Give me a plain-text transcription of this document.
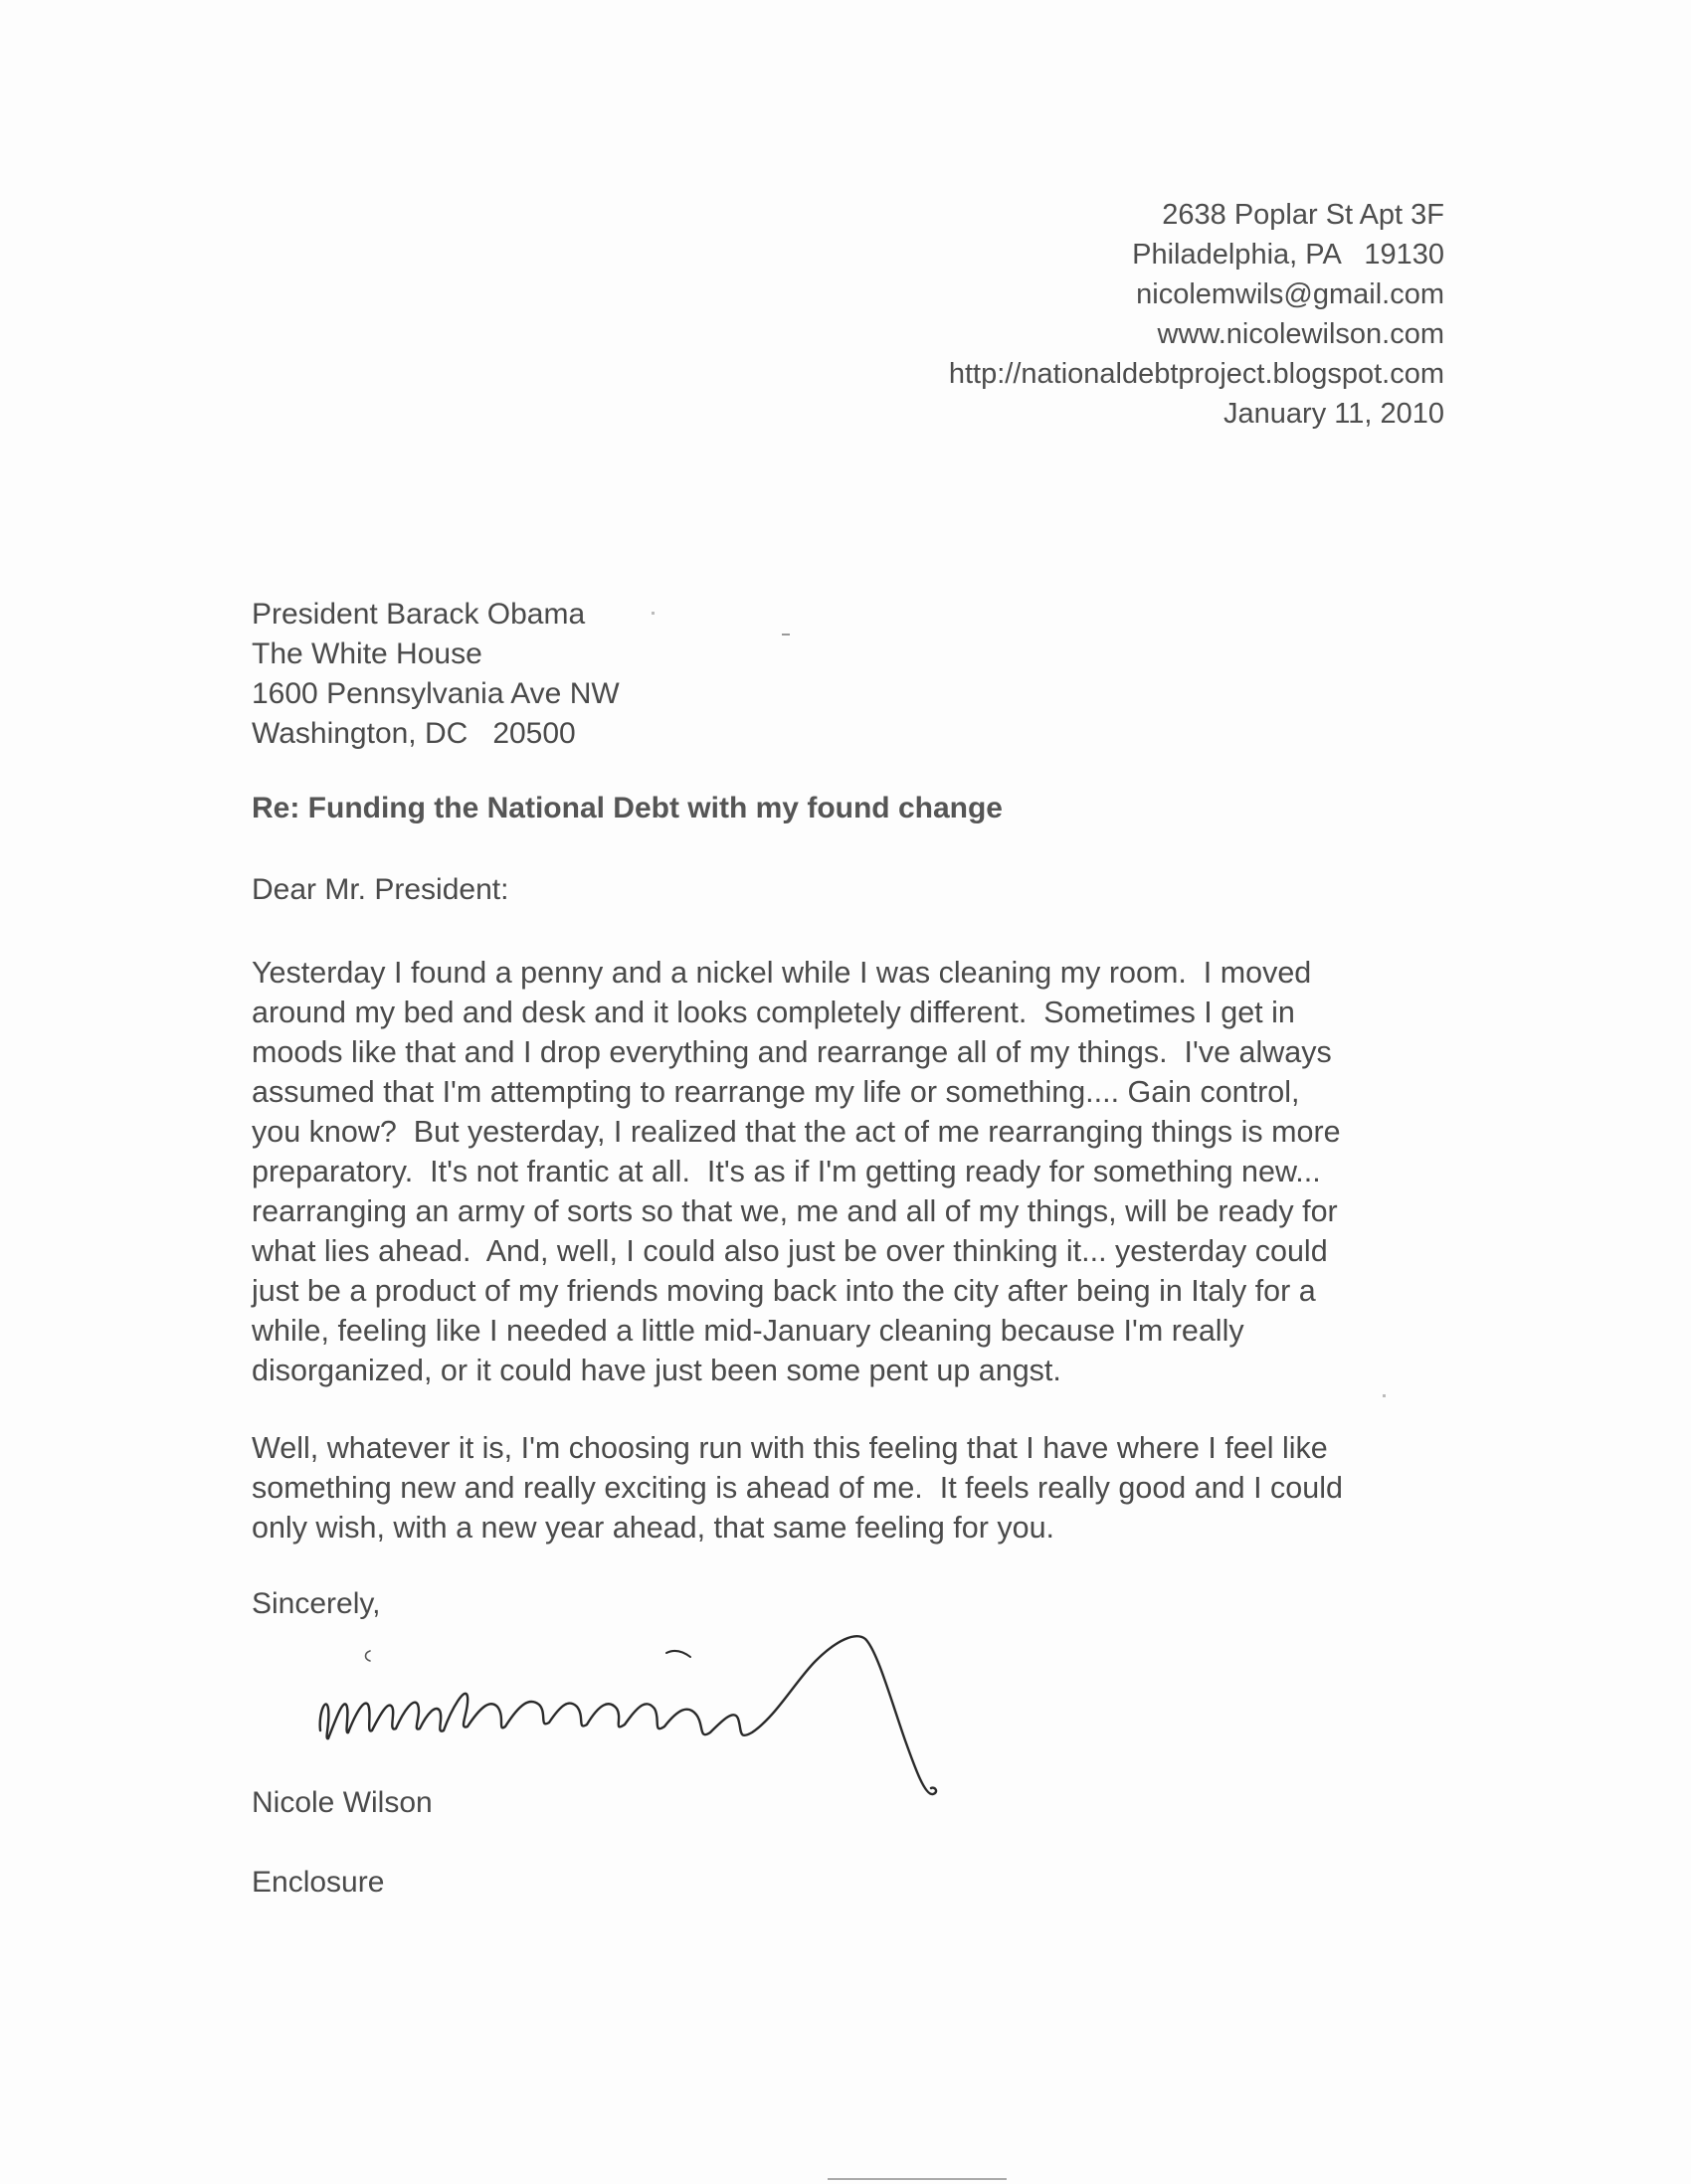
2638 Poplar St Apt 3F
Philadelphia, PA   19130
nicolemwils@gmail.com
www.nicolewilson.com
http://nationaldebtproject.blogspot.com
January 11, 2010
President Barack Obama
The White House
1600 Pennsylvania Ave NW
Washington, DC   20500
Re: Funding the National Debt with my found change
Dear Mr. President:
Yesterday I found a penny and a nickel while I was cleaning my room.  I moved
around my bed and desk and it looks completely different.  Sometimes I get in
moods like that and I drop everything and rearrange all of my things.  I've always
assumed that I'm attempting to rearrange my life or something.... Gain control,
you know?  But yesterday, I realized that the act of me rearranging things is more
preparatory.  It's not frantic at all.  It's as if I'm getting ready for something new...
rearranging an army of sorts so that we, me and all of my things, will be ready for
what lies ahead.  And, well, I could also just be over thinking it... yesterday could
just be a product of my friends moving back into the city after being in Italy for a
while, feeling like I needed a little mid-January cleaning because I'm really
disorganized, or it could have just been some pent up angst.
Well, whatever it is, I'm choosing run with this feeling that I have where I feel like
something new and really exciting is ahead of me.  It feels really good and I could
only wish, with a new year ahead, that same feeling for you.
Sincerely,
Nicole Wilson
Enclosure
